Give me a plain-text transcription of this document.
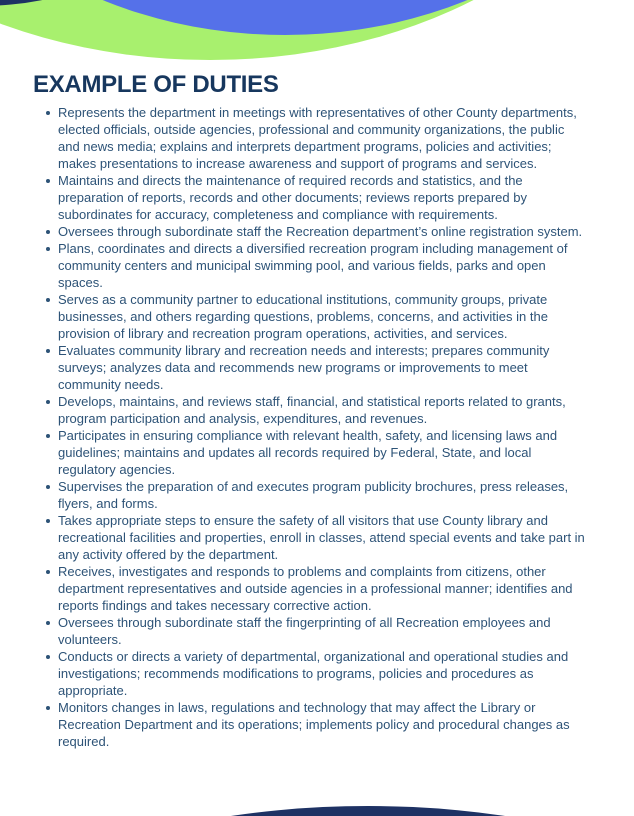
EXAMPLE OF DUTIES
Represents the department in meetings with representatives of other County departments, elected officials, outside agencies, professional and community organizations, the public and news media; explains and interprets department programs, policies and activities; makes presentations to increase awareness and support of programs and services.
Maintains and directs the maintenance of required records and statistics, and the preparation of reports, records and other documents; reviews reports prepared by subordinates for accuracy, completeness and compliance with requirements.
Oversees through subordinate staff the Recreation department’s online registration system.
Plans, coordinates and directs a diversified recreation program including management of community centers and municipal swimming pool, and various fields, parks and open spaces.
Serves as a community partner to educational institutions, community groups, private businesses, and others regarding questions, problems, concerns, and activities in the provision of library and recreation program operations, activities, and services.
Evaluates community library and recreation needs and interests; prepares community surveys; analyzes data and recommends new programs or improvements to meet community needs.
Develops, maintains, and reviews staff, financial, and statistical reports related to grants, program participation and analysis, expenditures, and revenues.
Participates in ensuring compliance with relevant health, safety, and licensing laws and guidelines; maintains and updates all records required by Federal, State, and local regulatory agencies.
Supervises the preparation of and executes program publicity brochures, press releases, flyers, and forms.
Takes appropriate steps to ensure the safety of all visitors that use County library and recreational facilities and properties, enroll in classes, attend special events and take part in any activity offered by the department.
Receives, investigates and responds to problems and complaints from citizens, other department representatives and outside agencies in a professional manner; identifies and reports findings and takes necessary corrective action.
Oversees through subordinate staff the fingerprinting of all Recreation employees and volunteers.
Conducts or directs a variety of departmental, organizational and operational studies and investigations; recommends modifications to programs, policies and procedures as appropriate.
Monitors changes in laws, regulations and technology that may affect the Library or Recreation Department and its operations; implements policy and procedural changes as required.
